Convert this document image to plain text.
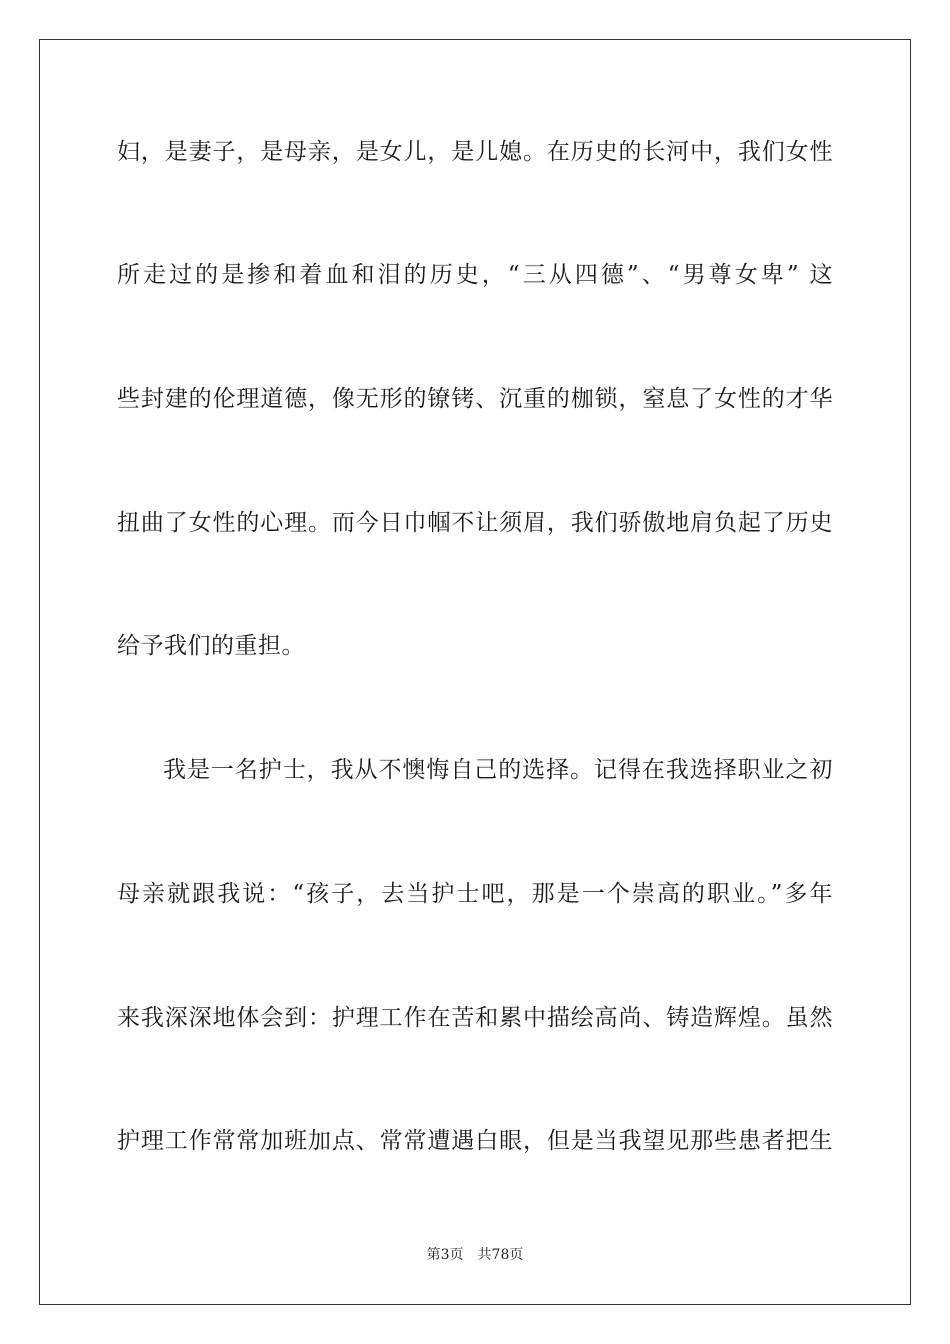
妇，是妻子，是母亲，是女儿，是儿媳。在历史的长河中，我们女性
所走过的是掺和着血和泪的历史，“三从四德”、“男尊女卑” 这
些封建的伦理道德，像无形的镣铐、沉重的枷锁，窒息了女性的才华
扭曲了女性的心理。而今日巾帼不让须眉，我们骄傲地肩负起了历史
给予我们的重担。
我是一名护士，我从不懊悔自己的选择。记得在我选择职业之初
母亲就跟我说：“孩子，去当护士吧，那是一个崇高的职业。”多年
来我深深地体会到：护理工作在苦和累中描绘高尚、铸造辉煌。虽然
护理工作常常加班加点、常常遭遇白眼，但是当我望见那些患者把生
第3页　共78页
